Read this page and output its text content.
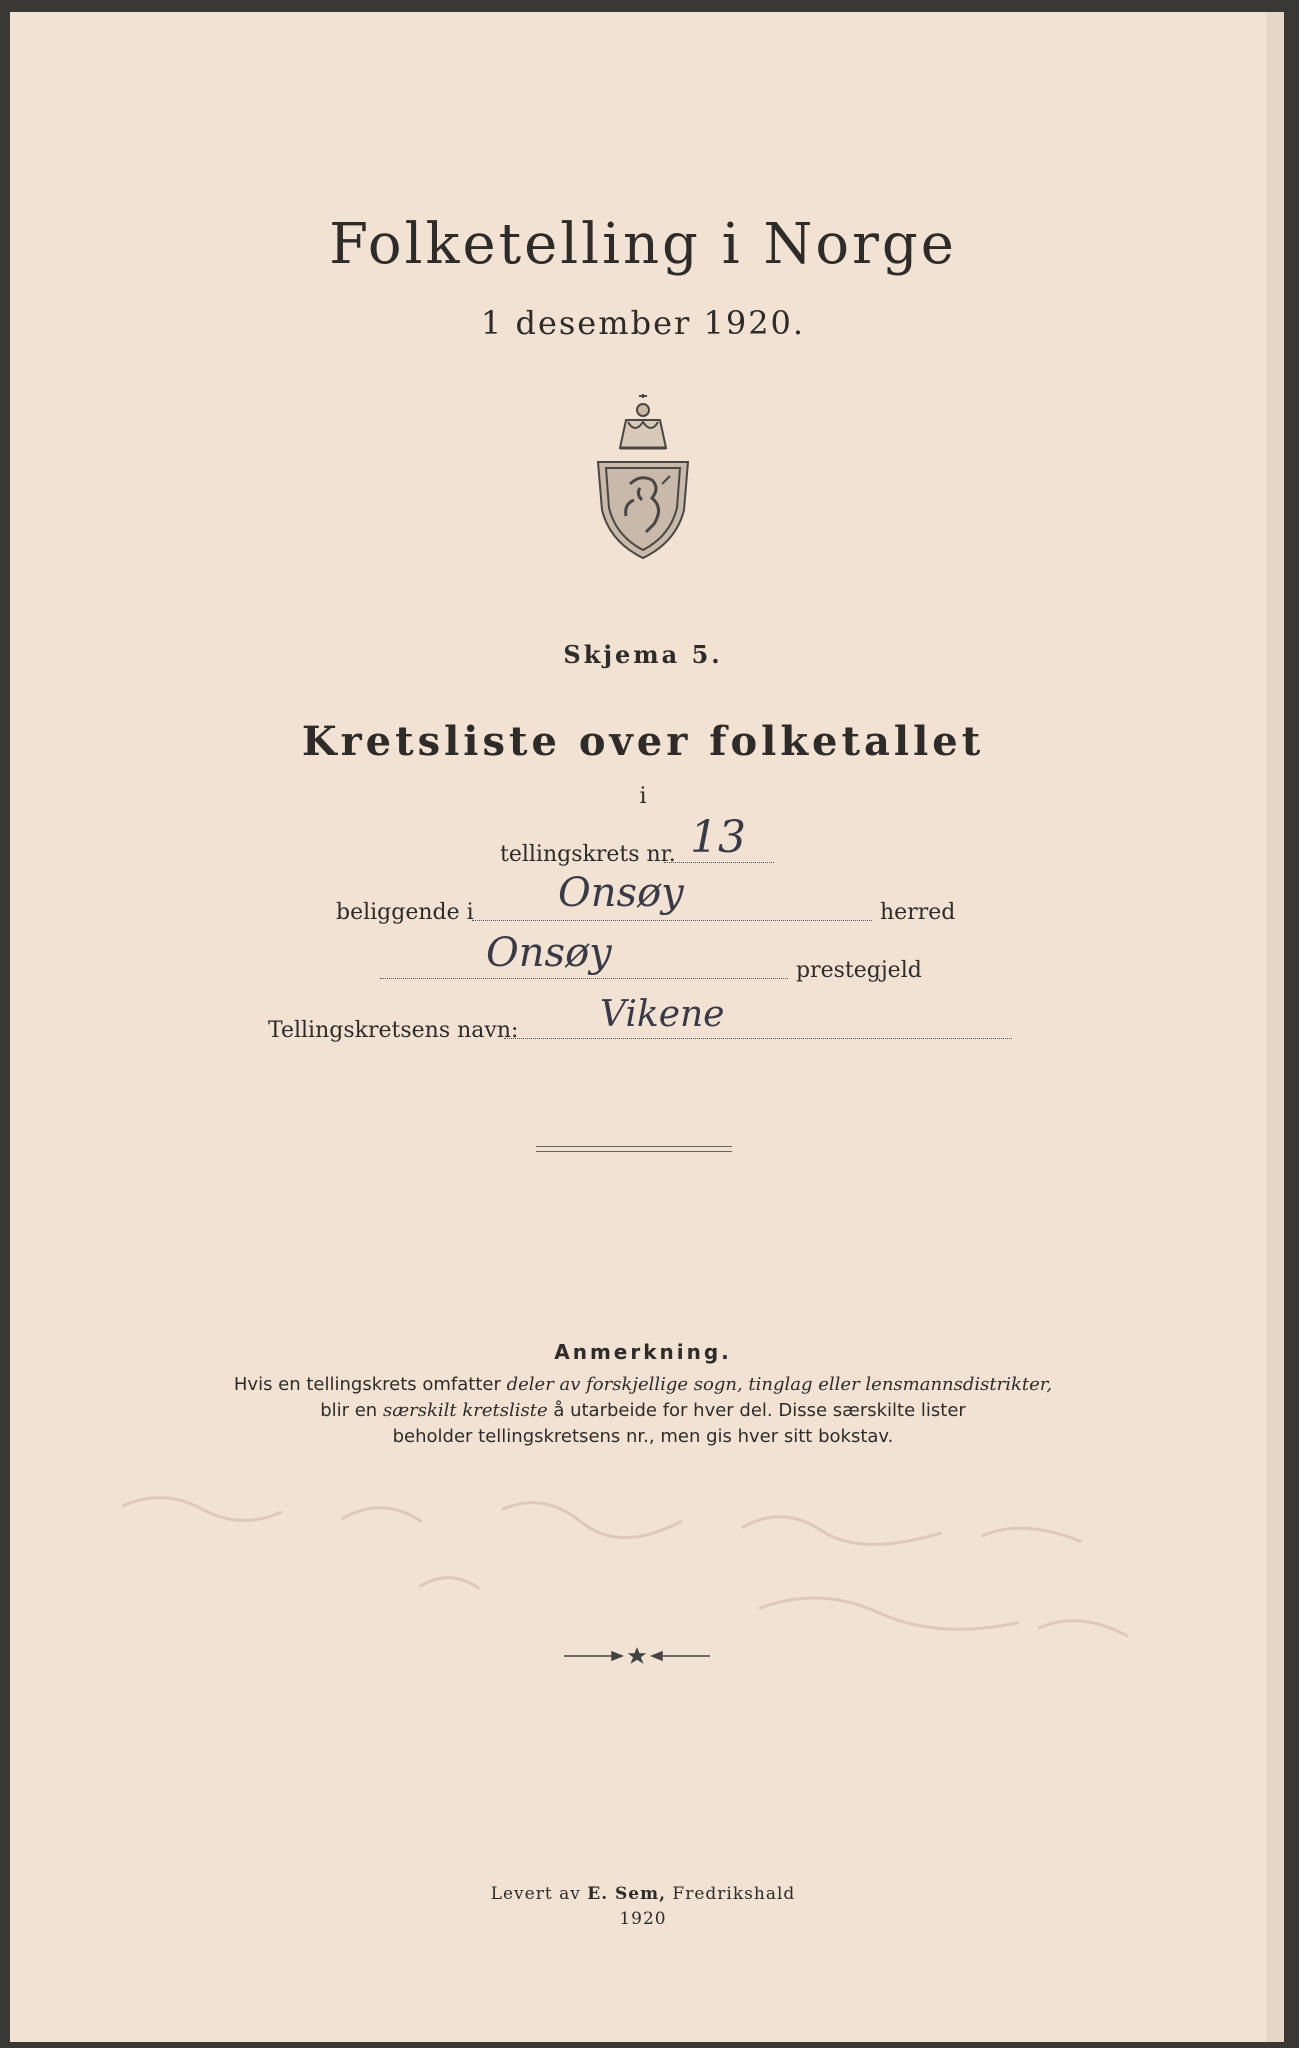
Folketelling i Norge
1 desember 1920.
Skjema 5.
Kretsliste over folketallet
i
tellingskrets nr. 13
beliggende i Onsøy	herred
Onsøy	prestegjeld
Tellingskretsens navn: Vikene
Anmerkning.
Hvis en tellingskrets omfatter deler av forskjellige sogn, tinglag eller lensmannsdistrikter,
blir en særskilt kretsliste å utarbeide for hver del. Disse særskilte lister
beholder tellingskretsens nr., men gis hver sitt bokstav.
Levert av E. Sem, Fredrikshald
1920
